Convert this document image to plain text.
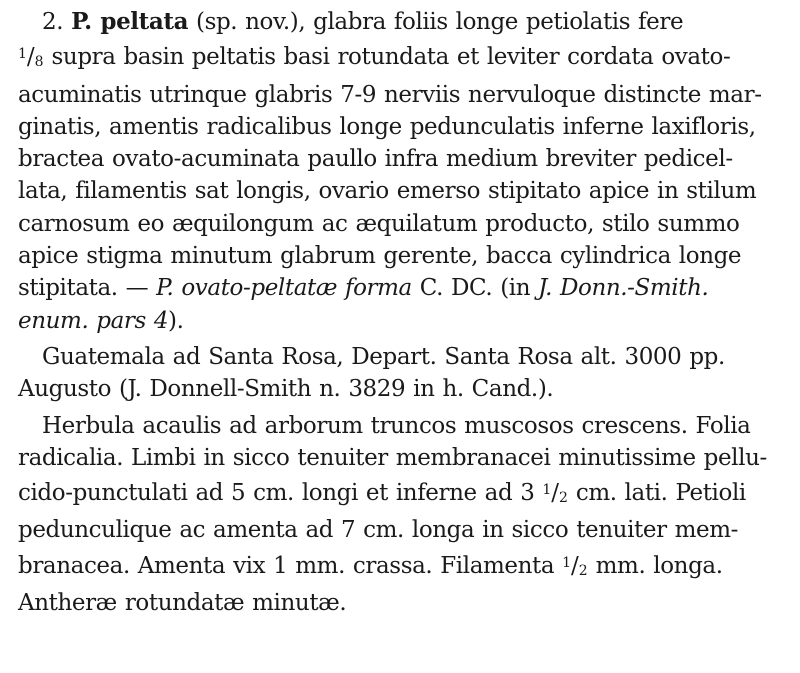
2. P. peltata (sp. nov.), glabra foliis longe petiolatis fere
$^1$/8 supra basin peltatis basi rotundata et leviter cordata ovato-
acuminatis utrinque glabris 7-9 nerviis nervuloque distincte mar-
ginatis, amentis radicalibus longe pedunculatis inferne laxifloris,
bractea ovato-acuminata paullo infra medium breviter pedicel-
lata, filamentis sat longis, ovario emerso stipitato apice in stilum
carnosum eo æquilongum ac æquilatum producto, stilo summo
apice stigma minutum glabrum gerente, bacca cylindrica longe
stipitata. — P. ovato-peltatæ forma C. DC. (in J. Donn.-Smith.
enum. pars 4).
Guatemala ad Santa Rosa, Depart. Santa Rosa alt. 3000 pp.
Augusto (J. Donnell-Smith n. 3829 in h. Cand.).
Herbula acaulis ad arborum truncos muscosos crescens. Folia
radicalia. Limbi in sicco tenuiter membranacei minutissime pellu-
cido-punctulati ad 5 cm. longi et inferne ad 3 $^1$/2 cm. lati. Petioli
pedunculique ac amenta ad 7 cm. longa in sicco tenuiter mem-
branacea. Amenta vix 1 mm. crassa. Filamenta $^1$/2 mm. longa.
Antheræ rotundatæ minutæ.
